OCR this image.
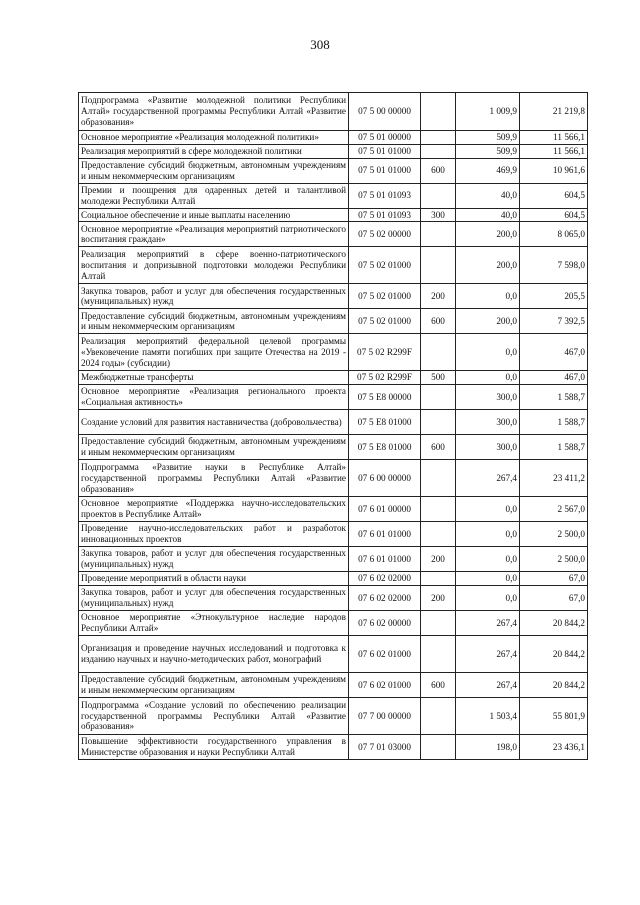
308
Подпрограмма «Развитие молодежной политики Республики Алтай» государственной программы Республики Алтай «Развитие образования»	07 5 00 00000		1 009,9	21 219,8
Основное мероприятие «Реализация молодежной политики»	07 5 01 00000		509,9	11 566,1
Реализация мероприятий в сфере молодежной политики	07 5 01 01000		509,9	11 566,1
Предоставление субсидий бюджетным, автономным учреждениям и иным некоммерческим организациям	07 5 01 01000	600	469,9	10 961,6
Премии и поощрения для одаренных детей и талантливой молодежи Республики Алтай	07 5 01 01093		40,0	604,5
Социальное обеспечение и иные выплаты населению	07 5 01 01093	300	40,0	604,5
Основное мероприятие «Реализация мероприятий патриотического воспитания граждан»	07 5 02 00000		200,0	8 065,0
Реализация мероприятий в сфере военно-патриотического воспитания и допризывной подготовки молодежи Республики Алтай	07 5 02 01000		200,0	7 598,0
Закупка товаров, работ и услуг для обеспечения государственных (муниципальных) нужд	07 5 02 01000	200	0,0	205,5
Предоставление субсидий бюджетным, автономным учреждениям и иным некоммерческим организациям	07 5 02 01000	600	200,0	7 392,5
Реализация мероприятий федеральной целевой программы «Увековечение памяти погибших при защите Отечества на 2019 - 2024 годы» (субсидии)	07 5 02 R299F		0,0	467,0
Межбюджетные трансферты	07 5 02 R299F	500	0,0	467,0
Основное мероприятие «Реализация регионального проекта «Социальная активность»	07 5 E8 00000		300,0	1 588,7
Создание условий для развития наставничества (добровольчества)	07 5 E8 01000		300,0	1 588,7
Предоставление субсидий бюджетным, автономным учреждениям и иным некоммерческим организациям	07 5 E8 01000	600	300,0	1 588,7
Подпрограмма «Развитие науки в Республике Алтай» государственной программы Республики Алтай «Развитие образования»	07 6 00 00000		267,4	23 411,2
Основное мероприятие «Поддержка научно-исследовательских проектов в Республике Алтай»	07 6 01 00000		0,0	2 567,0
Проведение научно-исследовательских работ и разработок инновационных проектов	07 6 01 01000		0,0	2 500,0
Закупка товаров, работ и услуг для обеспечения государственных (муниципальных) нужд	07 6 01 01000	200	0,0	2 500,0
Проведение мероприятий в области науки	07 6 02 02000		0,0	67,0
Закупка товаров, работ и услуг для обеспечения государственных (муниципальных) нужд	07 6 02 02000	200	0,0	67,0
Основное мероприятие «Этнокультурное наследие народов Республики Алтай»	07 6 02 00000		267,4	20 844,2
Организация и проведение научных исследований и подготовка к изданию научных и научно-методических работ, монографий	07 6 02 01000		267,4	20 844,2
Предоставление субсидий бюджетным, автономным учреждениям и иным некоммерческим организациям	07 6 02 01000	600	267,4	20 844,2
Подпрограмма «Создание условий по обеспечению реализации государственной программы Республики Алтай «Развитие образования»	07 7 00 00000		1 503,4	55 801,9
Повышение эффективности государственного управления в Министерстве образования и науки Республики Алтай	07 7 01 03000		198,0	23 436,1
